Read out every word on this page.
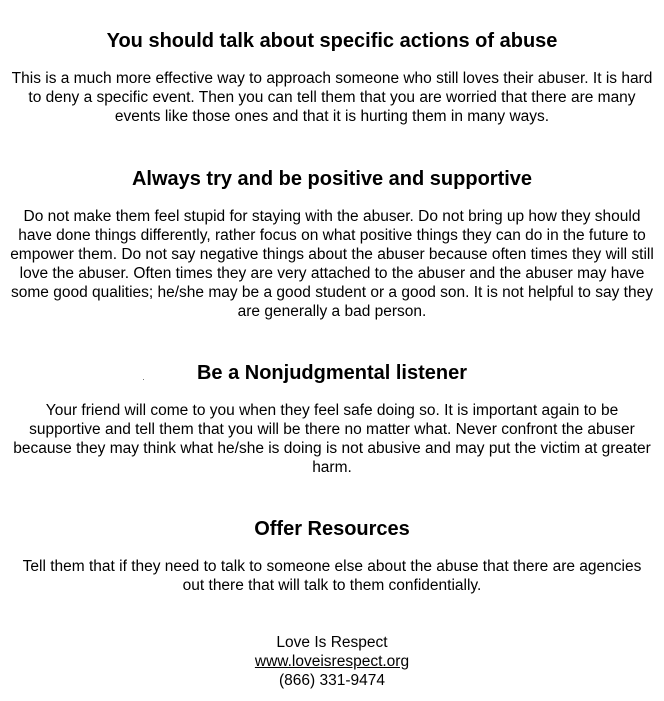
You should talk about specific actions of abuse

This is a much more effective way to approach someone who still loves their abuser. It is hard to deny a specific event. Then you can tell them that you are worried that there are many events like those ones and that it is hurting them in many ways.

Always try and be positive and supportive

Do not make them feel stupid for staying with the abuser. Do not bring up how they should have done things differently, rather focus on what positive things they can do in the future to empower them. Do not say negative things about the abuser because often times they will still love the abuser. Often times they are very attached to the abuser and the abuser may have some good qualities; he/she may be a good student or a good son. It is not helpful to say they are generally a bad person.

Be a Nonjudgmental listener

Your friend will come to you when they feel safe doing so. It is important again to be supportive and tell them that you will be there no matter what. Never confront the abuser because they may think what he/she is doing is not abusive and may put the victim at greater harm.

Offer Resources

Tell them that if they need to talk to someone else about the abuse that there are agencies out there that will talk to them confidentially.

Love Is Respect
www.loveisrespect.org
(866) 331-9474
